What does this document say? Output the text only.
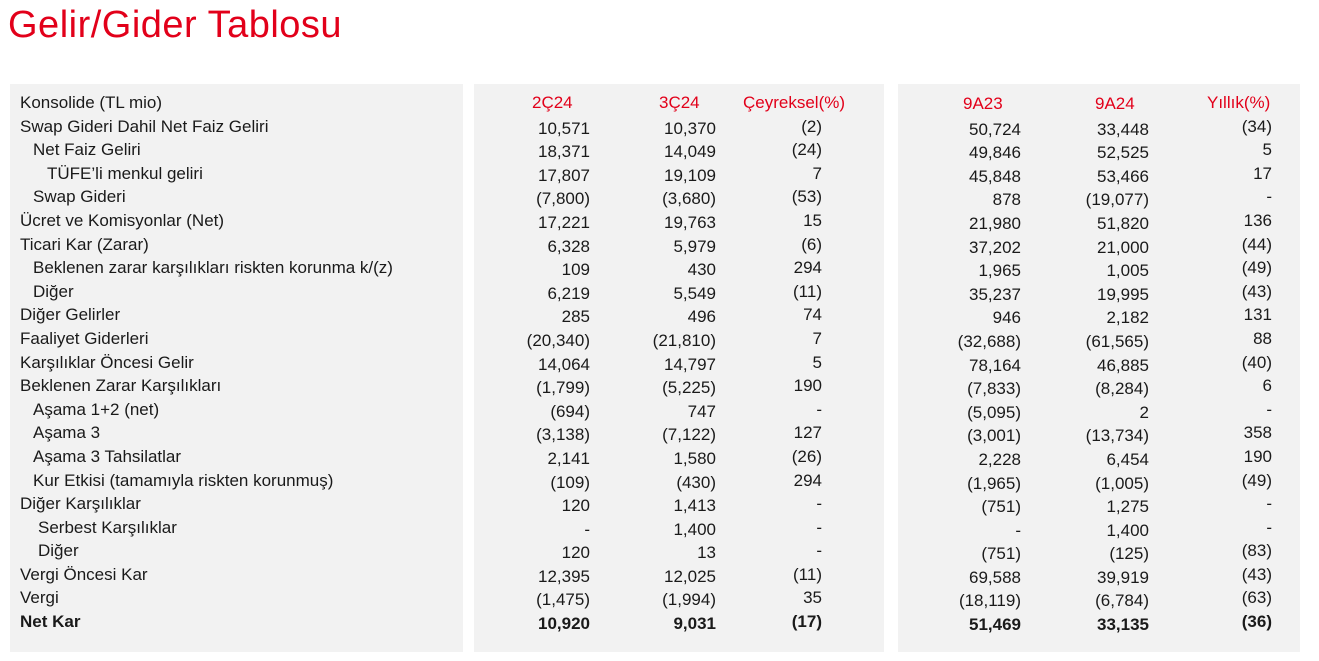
Gelir/Gider Tablosu
Konsolide (TL mio)	2Ç24	3Ç24	Çeyreksel(%)	9A23	9A24	Yıllık(%)
Swap Gideri Dahil Net Faiz Geliri	10,571	10,370	(2)	50,724	33,448	(34)
Net Faiz Geliri	18,371	14,049	(24)	49,846	52,525	5
TÜFE’li menkul geliri	17,807	19,109	7	45,848	53,466	17
Swap Gideri	(7,800)	(3,680)	(53)	878	(19,077)	-
Ücret ve Komisyonlar (Net)	17,221	19,763	15	21,980	51,820	136
Ticari Kar (Zarar)	6,328	5,979	(6)	37,202	21,000	(44)
Beklenen zarar karşılıkları riskten korunma k/(z)	109	430	294	1,965	1,005	(49)
Diğer	6,219	5,549	(11)	35,237	19,995	(43)
Diğer Gelirler	285	496	74	946	2,182	131
Faaliyet Giderleri	(20,340)	(21,810)	7	(32,688)	(61,565)	88
Karşılıklar Öncesi Gelir	14,064	14,797	5	78,164	46,885	(40)
Beklenen Zarar Karşılıkları	(1,799)	(5,225)	190	(7,833)	(8,284)	6
Aşama 1+2 (net)	(694)	747	-	(5,095)	2	-
Aşama 3	(3,138)	(7,122)	127	(3,001)	(13,734)	358
Aşama 3 Tahsilatlar	2,141	1,580	(26)	2,228	6,454	190
Kur Etkisi (tamamıyla riskten korunmuş)	(109)	(430)	294	(1,965)	(1,005)	(49)
Diğer Karşılıklar	120	1,413	-	(751)	1,275	-
Serbest Karşılıklar	-	1,400	-	-	1,400	-
Diğer	120	13	-	(751)	(125)	(83)
Vergi Öncesi Kar	12,395	12,025	(11)	69,588	39,919	(43)
Vergi	(1,475)	(1,994)	35	(18,119)	(6,784)	(63)
Net Kar	10,920	9,031	(17)	51,469	33,135	(36)
